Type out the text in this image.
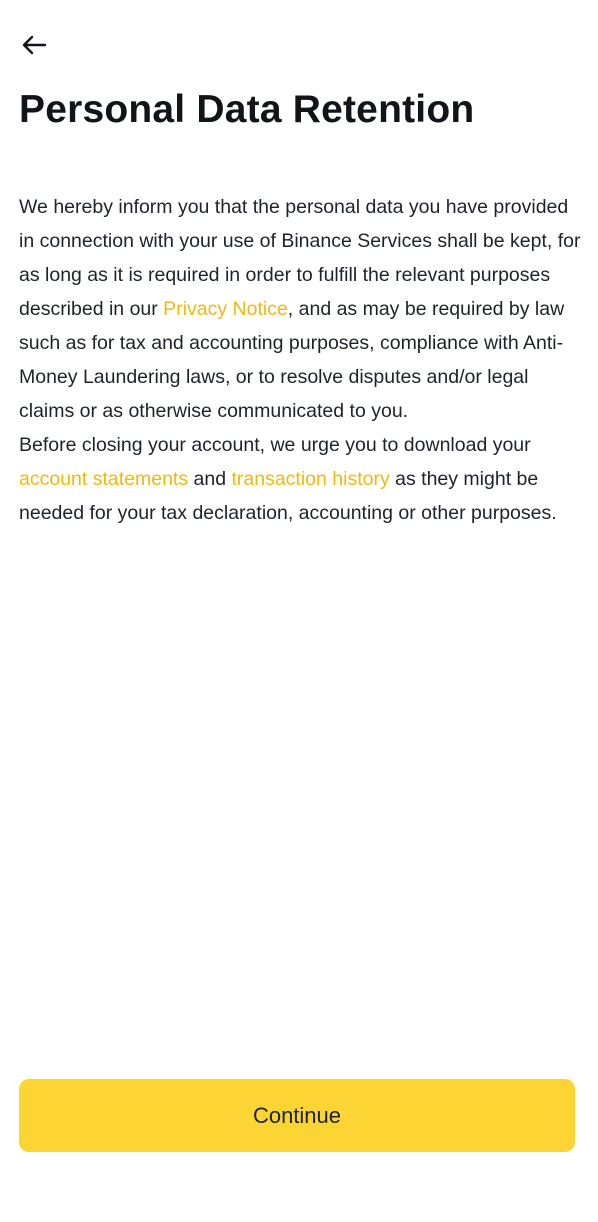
Personal Data Retention

We hereby inform you that the personal data you have provided in connection with your use of Binance Services shall be kept, for as long as it is required in order to fulfill the relevant purposes described in our Privacy Notice, and as may be required by law such as for tax and accounting purposes, compliance with Anti-Money Laundering laws, or to resolve disputes and/or legal claims or as otherwise communicated to you.

Before closing your account, we urge you to download your account statements and transaction history as they might be needed for your tax declaration, accounting or other purposes.

Continue
